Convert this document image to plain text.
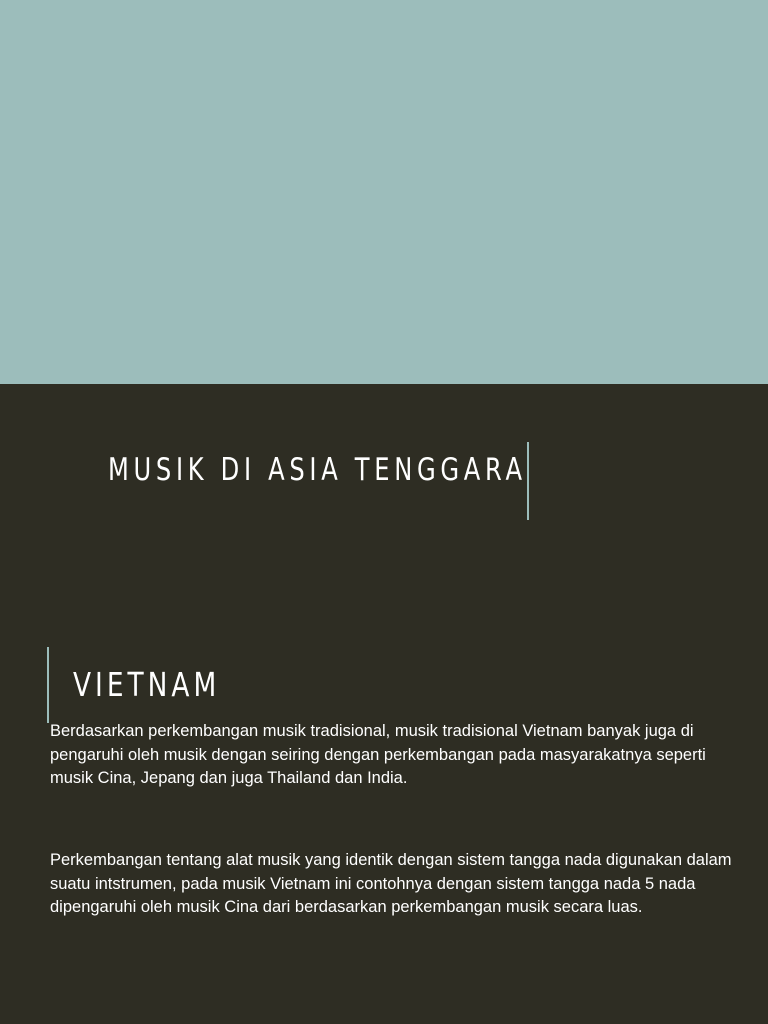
MUSIK DI ASIA TENGGARA
VIETNAM

Berdasarkan perkembangan musik tradisional, musik tradisional Vietnam banyak juga di pengaruhi oleh musik dengan seiring dengan perkembangan pada masyarakatnya seperti musik Cina, Jepang dan juga Thailand dan India.

Perkembangan tentang alat musik yang identik dengan sistem tangga nada digunakan dalam suatu intstrumen, pada musik Vietnam ini contohnya dengan sistem tangga nada 5 nada dipengaruhi oleh musik Cina dari berdasarkan perkembangan musik secara luas.
